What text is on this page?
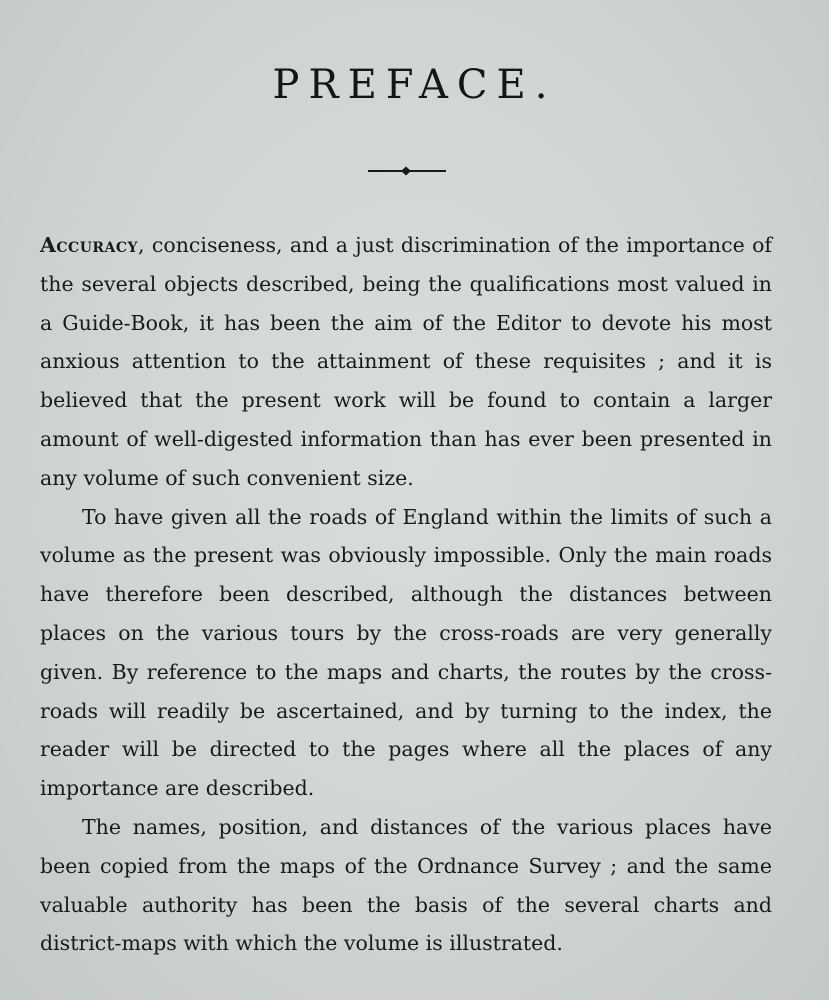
PREFACE.

Accuracy, conciseness, and a just discrimination of the importance of the several objects described, being the qualifications most valued in a Guide-Book, it has been the aim of the Editor to devote his most anxious attention to the attainment of these requisites ; and it is believed that the present work will be found to contain a larger amount of well-digested information than has ever been presented in any volume of such convenient size.

To have given all the roads of England within the limits of such a volume as the present was obviously impossible. Only the main roads have therefore been described, although the distances between places on the various tours by the cross-roads are very generally given. By reference to the maps and charts, the routes by the cross-roads will readily be ascertained, and by turning to the index, the reader will be directed to the pages where all the places of any importance are described.

The names, position, and distances of the various places have been copied from the maps of the Ordnance Survey ; and the same valuable authority has been the basis of the several charts and district-maps with which the volume is illustrated.
